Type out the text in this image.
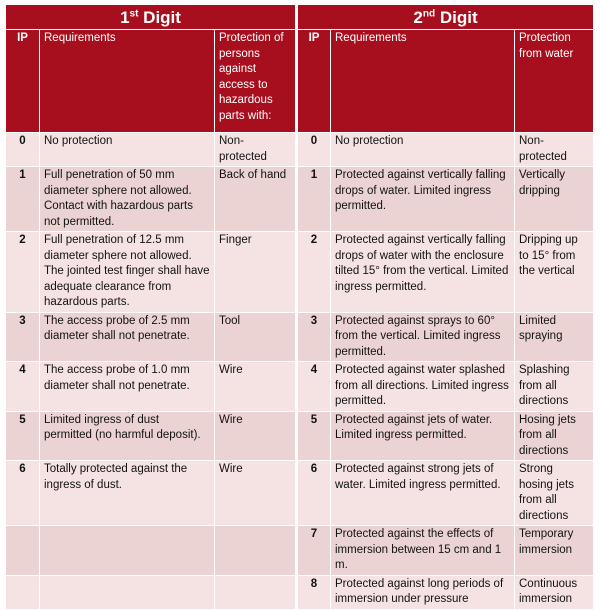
1st Digit			2nd Digit		
IP	Requirements	Protection of persons against access to hazardous parts with:	IP	Requirements	Protection from water
0	No protection	Non-protected	0	No protection	Non-protected
1	Full penetration of 50 mm diameter sphere not allowed. Contact with hazardous parts not permitted.	Back of hand	1	Protected against vertically falling drops of water. Limited ingress permitted.	Vertically dripping
2	Full penetration of 12.5 mm diameter sphere not allowed. The jointed test finger shall have adequate clearance from hazardous parts.	Finger	2	Protected against vertically falling drops of water with the enclosure tilted 15° from the vertical. Limited ingress permitted.	Dripping up to 15° from the vertical
3	The access probe of 2.5 mm diameter shall not penetrate.	Tool	3	Protected against sprays to 60° from the vertical. Limited ingress permitted.	Limited spraying
4	The access probe of 1.0 mm diameter shall not penetrate.	Wire	4	Protected against water splashed from all directions. Limited ingress permitted.	Splashing from all directions
5	Limited ingress of dust permitted (no harmful deposit).	Wire	5	Protected against jets of water. Limited ingress permitted.	Hosing jets from all directions
6	Totally protected against the ingress of dust.	Wire	6	Protected against strong jets of water. Limited ingress permitted.	Strong hosing jets from all directions
			7	Protected against the effects of immersion between 15 cm and 1 m.	Temporary immersion
			8	Protected against long periods of immersion under pressure	Continuous immersion
